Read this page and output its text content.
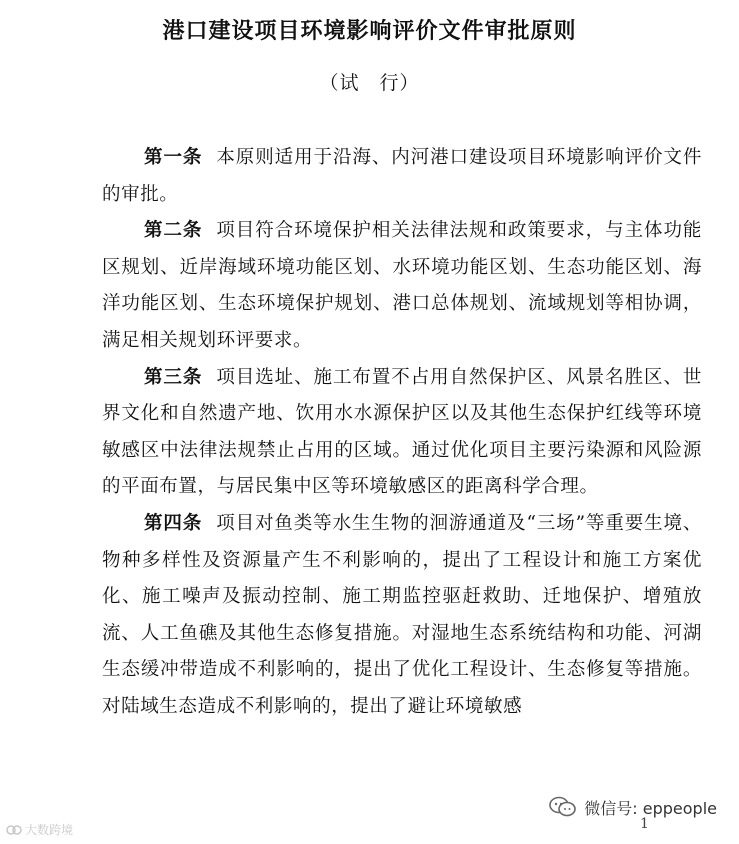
港口建设项目环境影响评价文件审批原则
（试　行）

第一条 本原则适用于沿海、内河港口建设项目环境影响评价文件的审批。

第二条 项目符合环境保护相关法律法规和政策要求，与主体功能区规划、近岸海域环境功能区划、水环境功能区划、生态功能区划、海洋功能区划、生态环境保护规划、港口总体规划、流域规划等相协调，满足相关规划环评要求。

第三条 项目选址、施工布置不占用自然保护区、风景名胜区、世界文化和自然遗产地、饮用水水源保护区以及其他生态保护红线等环境敏感区中法律法规禁止占用的区域。通过优化项目主要污染源和风险源的平面布置，与居民集中区等环境敏感区的距离科学合理。

第四条 项目对鱼类等水生生物的洄游通道及“三场”等重要生境、物种多样性及资源量产生不利影响的，提出了工程设计和施工方案优化、施工噪声及振动控制、施工期监控驱赶救助、迁地保护、增殖放流、人工鱼礁及其他生态修复措施。对湿地生态系统结构和功能、河湖生态缓冲带造成不利影响的，提出了优化工程设计、生态修复等措施。对陆域生态造成不利影响的，提出了避让环境敏感

微信号: eppeople
1
大数跨境
